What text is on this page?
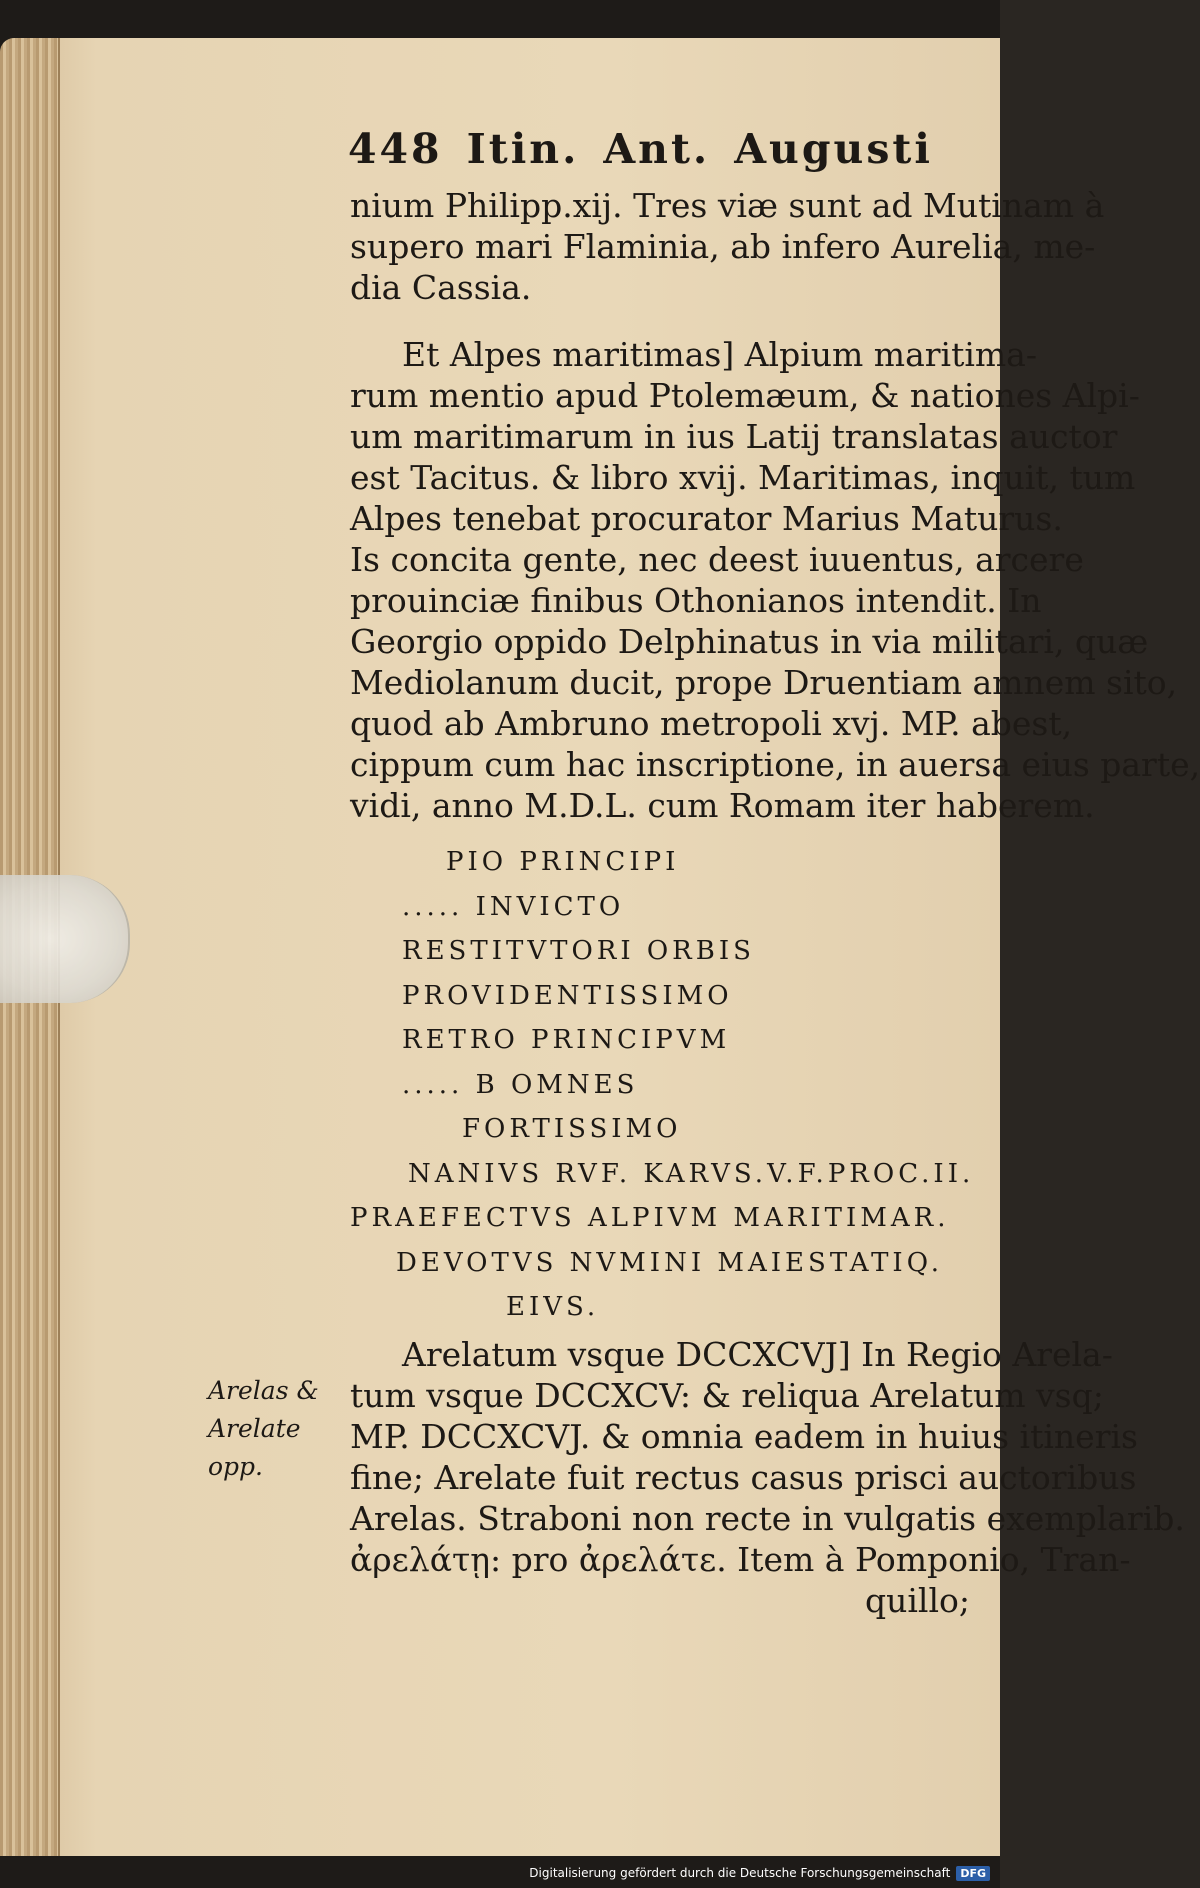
448 Itin. Ant. Augusti
nium Philipp.xij. Tres viæ sunt ad Mutinam à
supero mari Flaminia, ab infero Aurelia, me-
dia Cassia.
Et Alpes maritimas] Alpium maritima-
rum mentio apud Ptolemæum, & nationes Alpi-
um maritimarum in ius Latij translatas auctor
est Tacitus. & libro xvij. Maritimas, inquit, tum
Alpes tenebat procurator Marius Maturus.
Is concita gente, nec deest iuuentus, arcere
prouinciæ finibus Othonianos intendit. In
Georgio oppido Delphinatus in via militari, quæ
Mediolanum ducit, prope Druentiam amnem sito,
quod ab Ambruno metropoli xvj. MP. abest,
cippum cum hac inscriptione, in auersa eius parte,
vidi, anno M.D.L. cum Romam iter haberem.
PIO PRINCIPI
..... INVICTO
RESTITVTORI ORBIS
PROVIDENTISSIMO
RETRO PRINCIPVM
..... B OMNES
FORTISSIMO
NANIVS RVF. KARVS.V.F.PROC.II.
PRAEFECTVS ALPIVM MARITIMAR.
DEVOTVS NVMINI MAIESTATIQ.
EIVS.
Arelatum vsque DCCXCVJ] In Regio Arela-
tum vsque DCCXCV: & reliqua Arelatum vsq;
MP. DCCXCVJ. & omnia eadem in huius itineris
fine; Arelate fuit rectus casus prisci auctoribus
Arelas. Straboni non recte in vulgatis exemplarib.
ἀρελάτῃ: pro ἀρελάτε. Item à Pomponio, Tran-
quillo;
Arelas &
Arelate
opp.
Digitalisierung gefördert durch die Deutsche Forschungsgemeinschaft DFG
